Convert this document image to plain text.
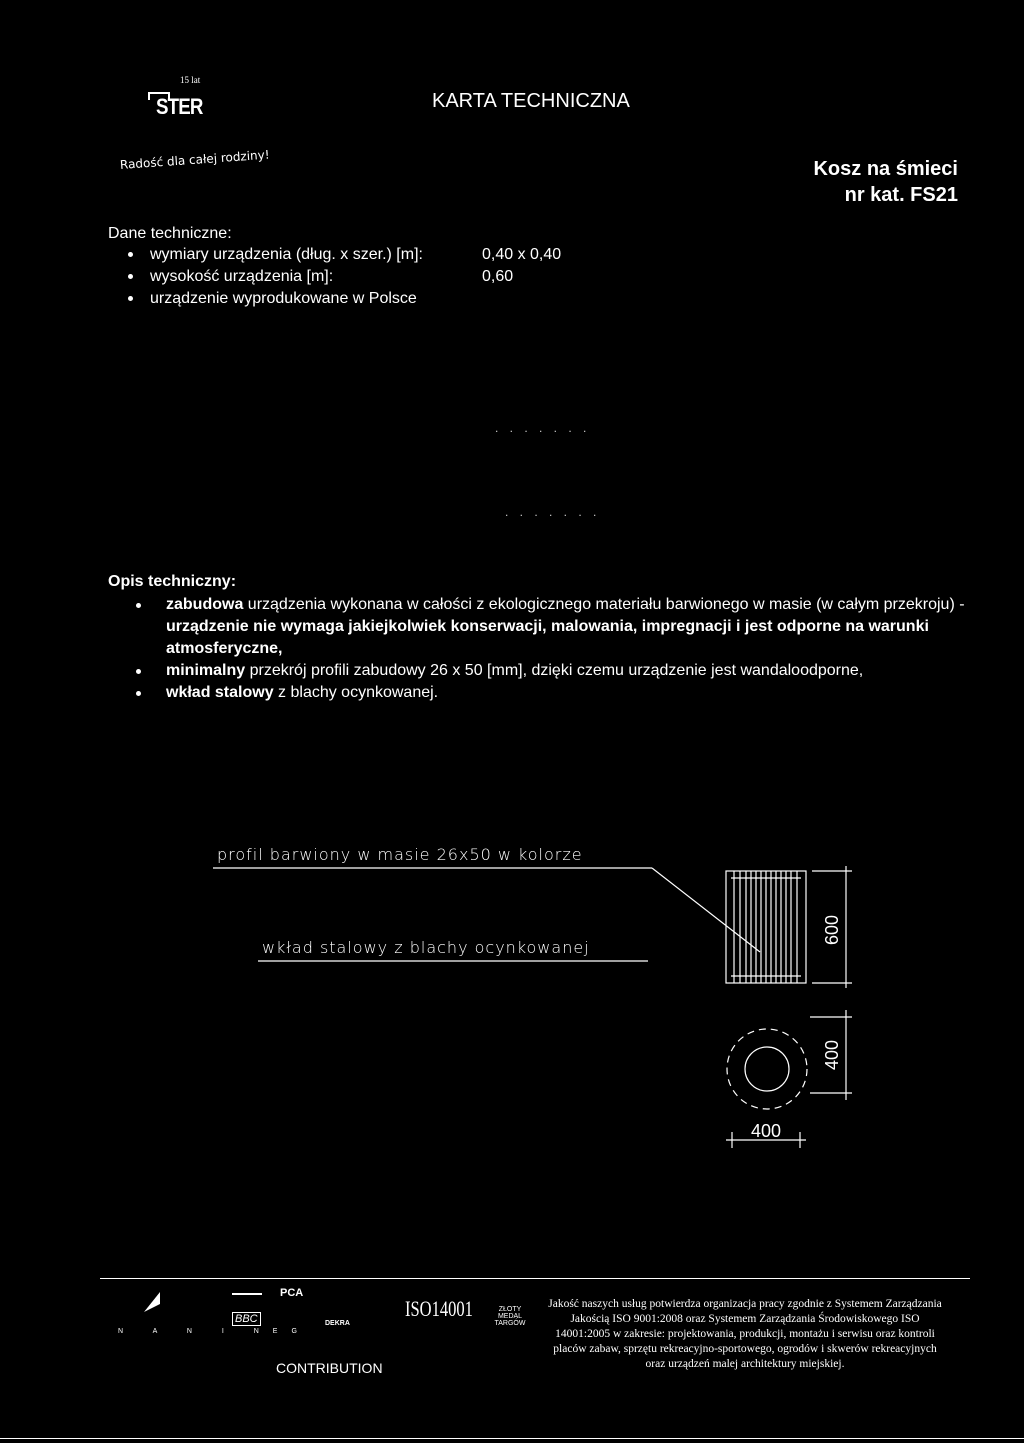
15 lat
STER	KARTA TECHNICZNA
Radość dla całej rodziny!	Kosz na śmieci
nr kat. FS21
Dane techniczne:
wymiary urządzenia (dług. x szer.) [m]:	0,40 x 0,40
wysokość urządzenia [m]:	0,60
urządzenie wyprodukowane w Polsce
. . . . . . .
. . . . . . .
Opis techniczny:
zabudowa urządzenia wykonana w całości z ekologicznego materiału barwionego w masie (w całym przekroju) - urządzenie nie wymaga jakiejkolwiek konserwacji, malowania, impregnacji i jest odporne na warunki atmosferyczne,
minimalny przekrój profili zabudowy 26 x 50 [mm], dzięki czemu urządzenie jest wandaloodporne,
wkład stalowy z blachy ocynkowanej.
profil barwiony w masie 26x50 w kolorze
wkład stalowy z blachy ocynkowanej
600
400
400
N A N I NEG
BBC
PCA
DEKRA
ISO14001	ZŁOTY MEDAL TARGÓW
CONTRIBUTION
Jakość naszych usług potwierdza organizacja pracy zgodnie z Systemem Zarządzania Jakością ISO 9001:2008 oraz Systemem Zarządzania Środowiskowego ISO 14001:2005 w zakresie: projektowania, produkcji, montażu i serwisu oraz kontroli placów zabaw, sprzętu rekreacyjno-sportowego, ogrodów i skwerów rekreacyjnych oraz urządzeń malej architektury miejskiej.
